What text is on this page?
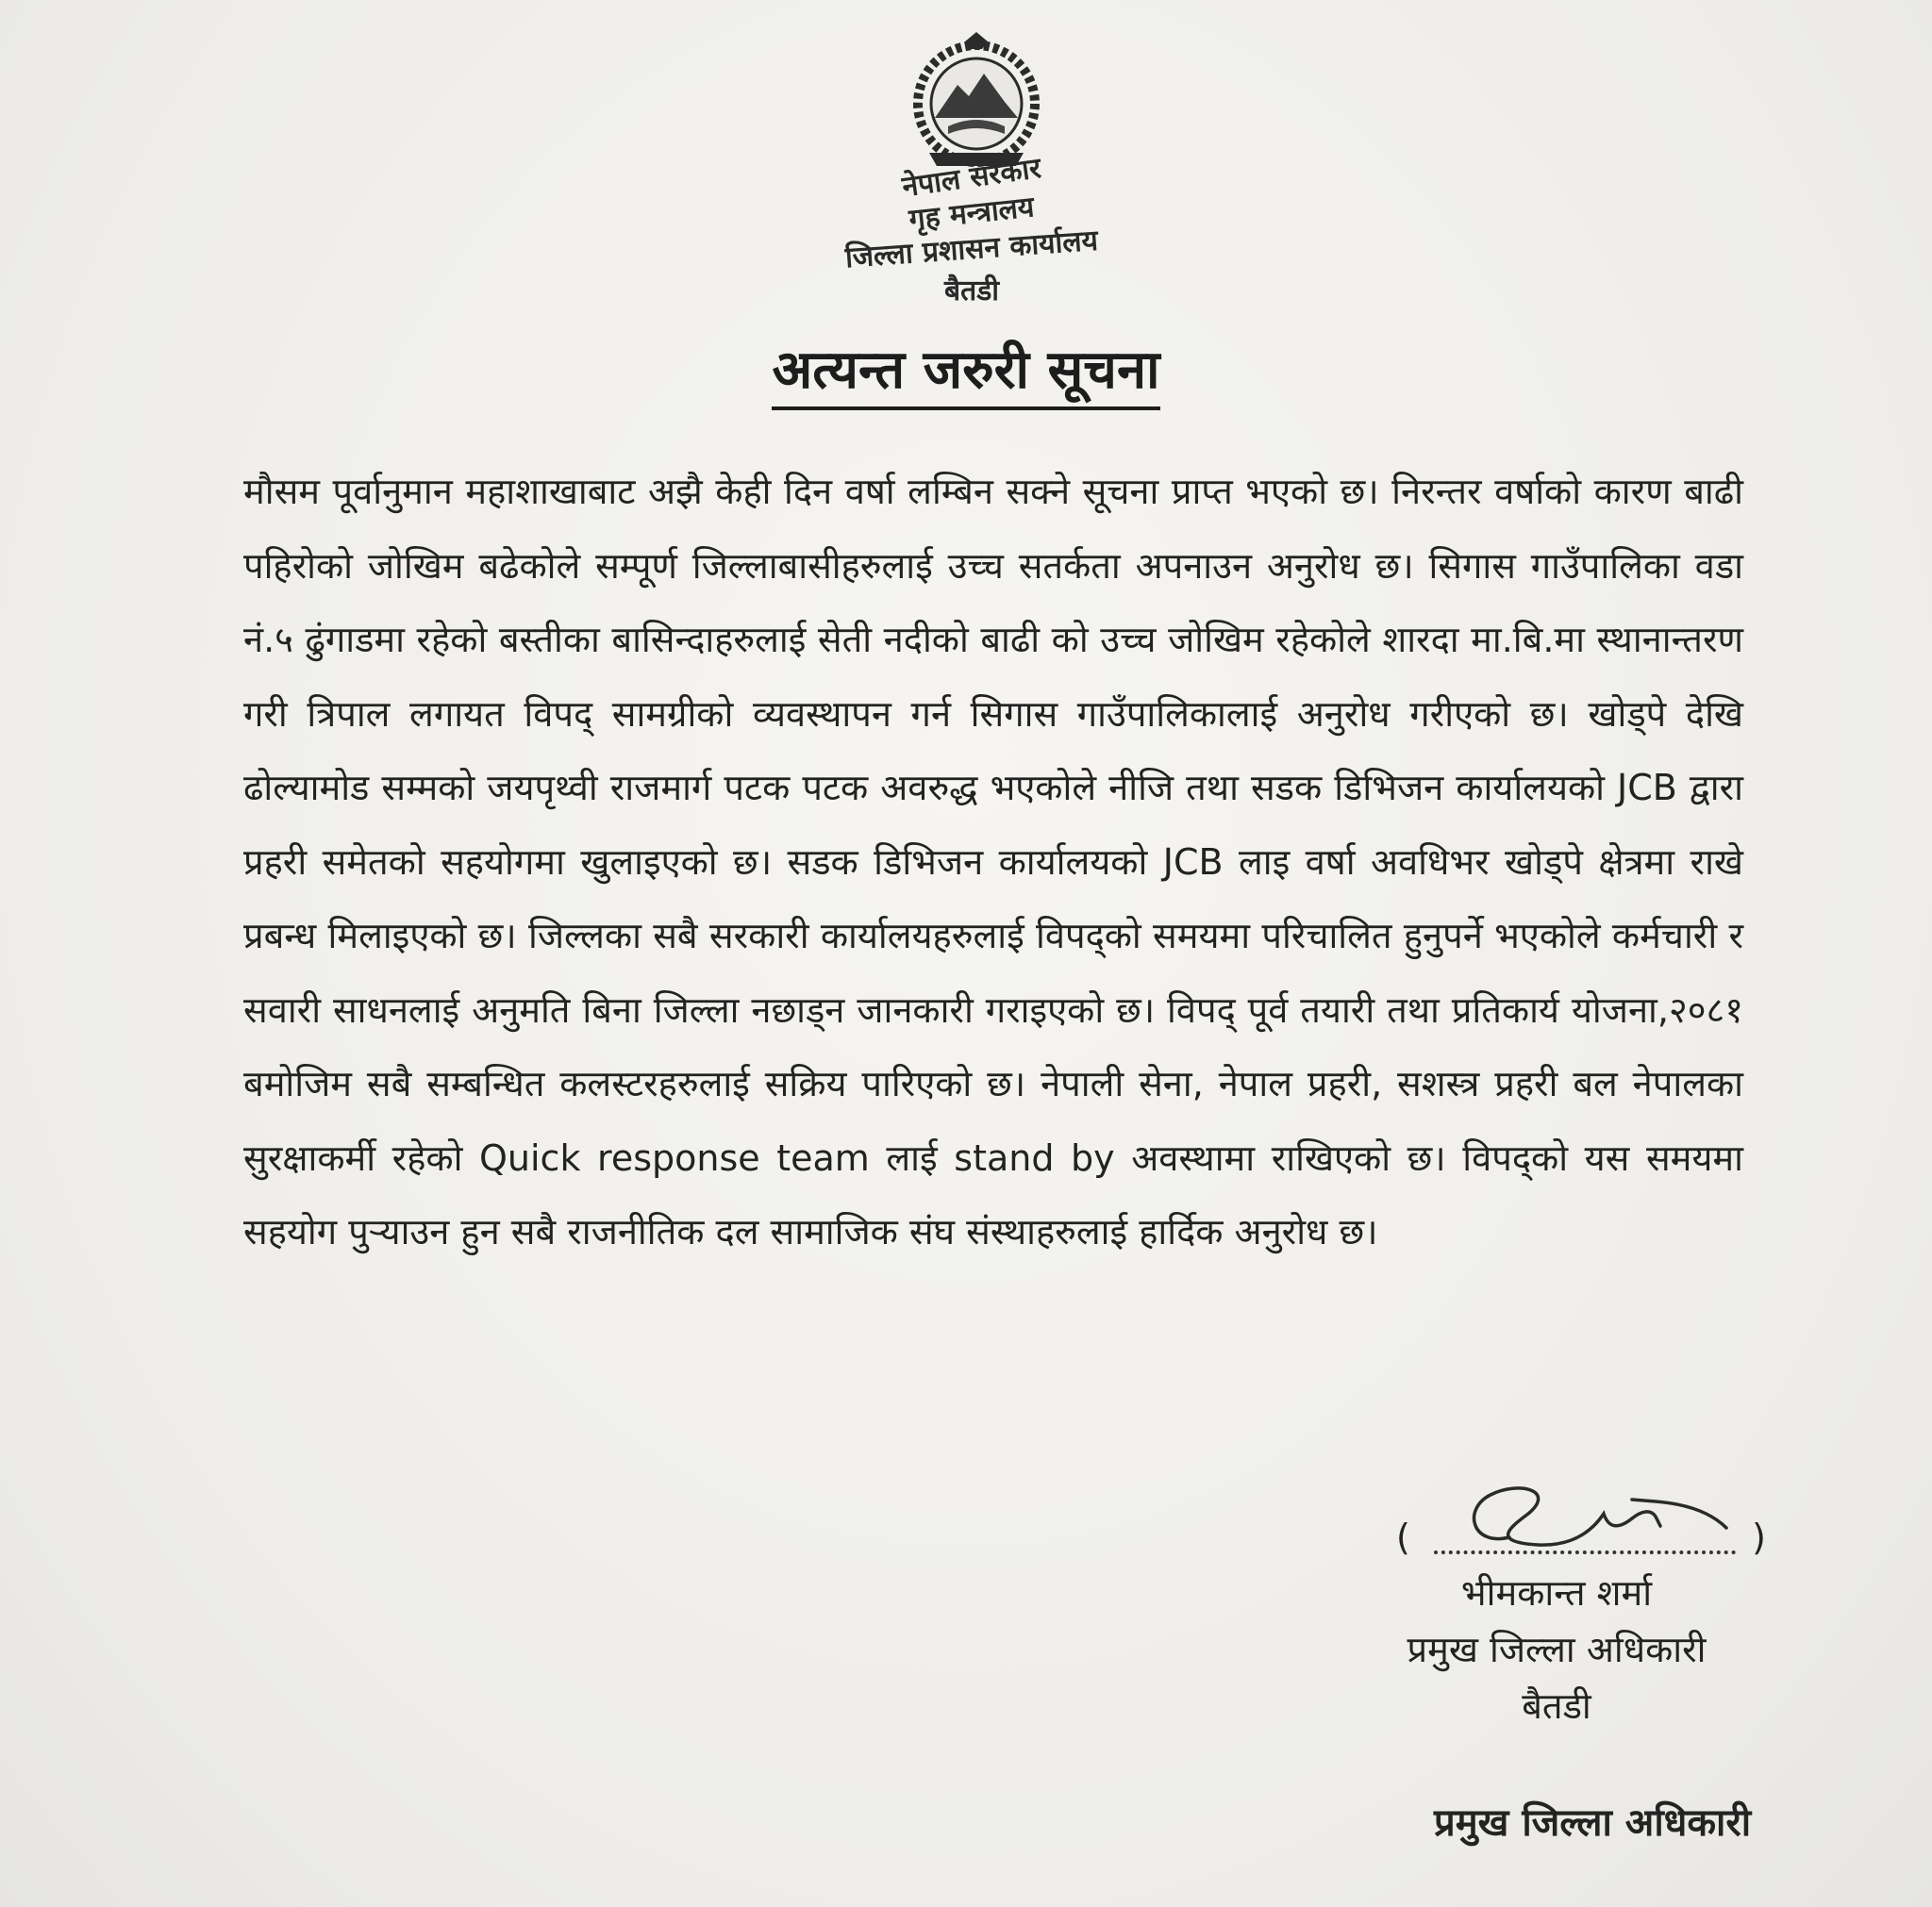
नेपाल सरकार
गृह मन्त्रालय
जिल्ला प्रशासन कार्यालय
बैतडी
अत्यन्त जरुरी सूचना
मौसम पूर्वानुमान महाशाखाबाट अझै केही दिन वर्षा लम्बिन सक्ने सूचना प्राप्त भएको छ। निरन्तर वर्षाको कारण बाढी पहिरोको जोखिम बढेकोले सम्पूर्ण जिल्लाबासीहरुलाई उच्च सतर्कता अपनाउन अनुरोध छ। सिगास गाउँपालिका वडा नं.५ ढुंगाडमा रहेको बस्तीका बासिन्दाहरुलाई सेती नदीको बाढी को उच्च जोखिम रहेकोले शारदा मा.बि.मा स्थानान्तरण गरी त्रिपाल लगायत विपद् सामग्रीको व्यवस्थापन गर्न सिगास गाउँपालिकालाई अनुरोध गरीएको छ। खोड्पे देखि ढोल्यामोड सम्मको जयपृथ्वी राजमार्ग पटक पटक अवरुद्ध भएकोले नीजि तथा सडक डिभिजन कार्यालयको JCB द्वारा प्रहरी समेतको सहयोगमा खुलाइएको छ। सडक डिभिजन कार्यालयको JCB लाइ वर्षा अवधिभर खोड्पे क्षेत्रमा राखे प्रबन्ध मिलाइएको छ। जिल्लका सबै सरकारी कार्यालयहरुलाई विपद्को समयमा परिचालित हुनुपर्ने भएकोले कर्मचारी र सवारी साधनलाई अनुमति बिना जिल्ला नछाड्न जानकारी गराइएको छ। विपद् पूर्व तयारी तथा प्रतिकार्य योजना,२०८१ बमोजिम सबै सम्बन्धित कलस्टरहरुलाई सक्रिय पारिएको छ। नेपाली सेना, नेपाल प्रहरी, सशस्त्र प्रहरी बल नेपालका सुरक्षाकर्मी रहेको Quick response team लाई stand by अवस्थामा राखिएको छ। विपद्को यस समयमा सहयोग पुऱ्याउन हुन सबै राजनीतिक दल सामाजिक संघ संस्थाहरुलाई हार्दिक अनुरोध छ।
(	)
भीमकान्त शर्मा
प्रमुख जिल्ला अधिकारी
बैतडी
प्रमुख जिल्ला अधिकारी
